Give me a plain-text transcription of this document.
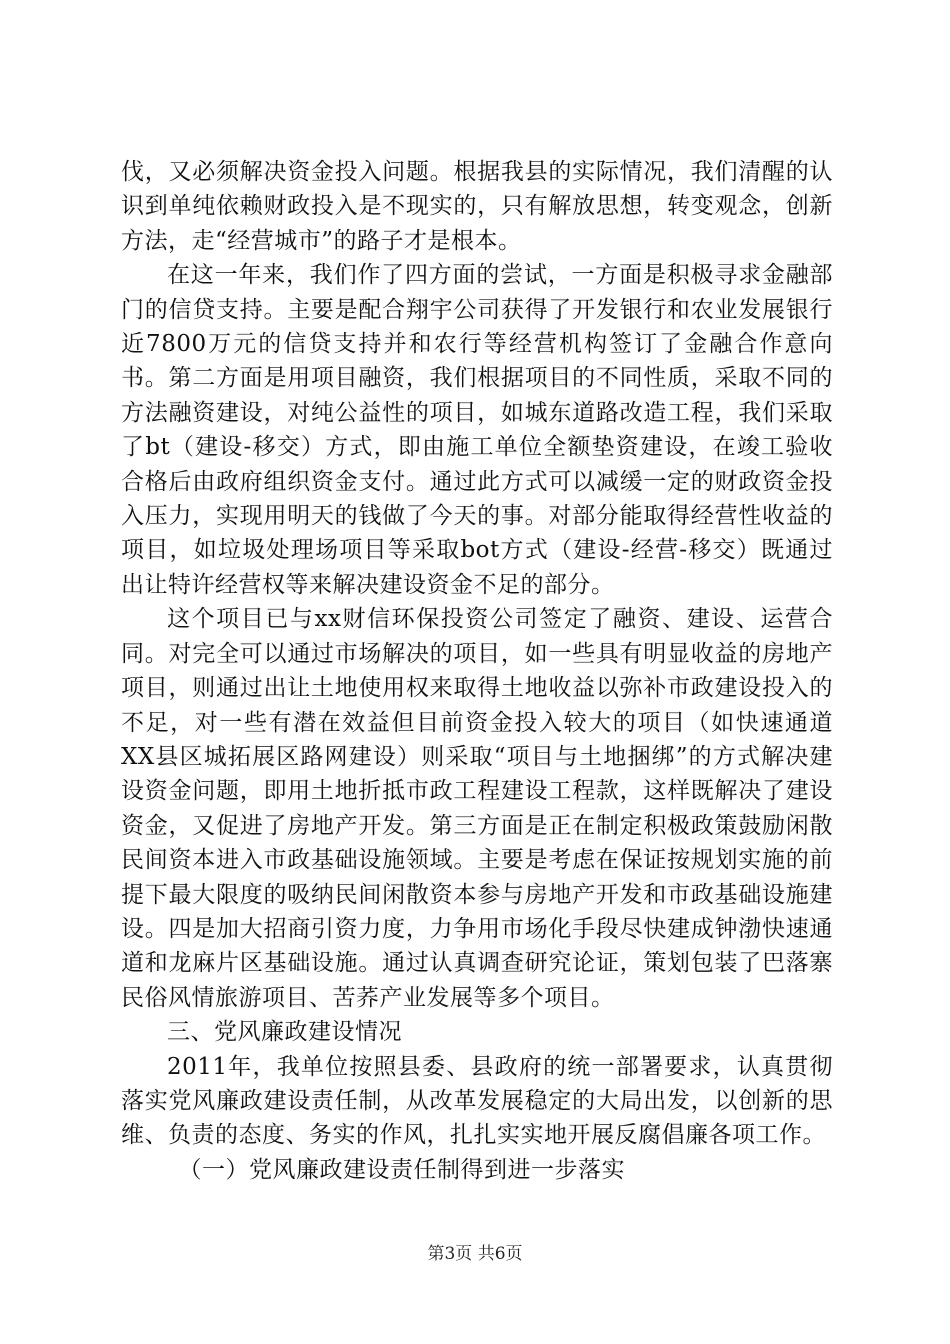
伐，又必须解决资金投入问题。根据我县的实际情况，我们清醒的认识到单纯依赖财政投入是不现实的，只有解放思想，转变观念，创新方法，走“经营城市”的路子才是根本。

在这一年来，我们作了四方面的尝试，一方面是积极寻求金融部门的信贷支持。主要是配合翔宇公司获得了开发银行和农业发展银行近7800万元的信贷支持并和农行等经营机构签订了金融合作意向书。第二方面是用项目融资，我们根据项目的不同性质，采取不同的方法融资建设，对纯公益性的项目，如城东道路改造工程，我们采取了bt（建设-移交）方式，即由施工单位全额垫资建设，在竣工验收合格后由政府组织资金支付。通过此方式可以减缓一定的财政资金投入压力，实现用明天的钱做了今天的事。对部分能取得经营性收益的项目，如垃圾处理场项目等采取bot方式（建设-经营-移交）既通过出让特许经营权等来解决建设资金不足的部分。

这个项目已与xx财信环保投资公司签定了融资、建设、运营合同。对完全可以通过市场解决的项目，如一些具有明显收益的房地产项目，则通过出让土地使用权来取得土地收益以弥补市政建设投入的不足，对一些有潜在效益但目前资金投入较大的项目（如快速通道XX县区城拓展区路网建设）则采取“项目与土地捆绑”的方式解决建设资金问题，即用土地折抵市政工程建设工程款，这样既解决了建设资金，又促进了房地产开发。第三方面是正在制定积极政策鼓励闲散民间资本进入市政基础设施领域。主要是考虑在保证按规划实施的前提下最大限度的吸纳民间闲散资本参与房地产开发和市政基础设施建设。四是加大招商引资力度，力争用市场化手段尽快建成钟渤快速通道和龙麻片区基础设施。通过认真调查研究论证，策划包装了巴落寨民俗风情旅游项目、苦荞产业发展等多个项目。

三、党风廉政建设情况

2011年，我单位按照县委、县政府的统一部署要求，认真贯彻落实党风廉政建设责任制，从改革发展稳定的大局出发，以创新的思维、负责的态度、务实的作风，扎扎实实地开展反腐倡廉各项工作。

（一）党风廉政建设责任制得到进一步落实

第3页 共6页
